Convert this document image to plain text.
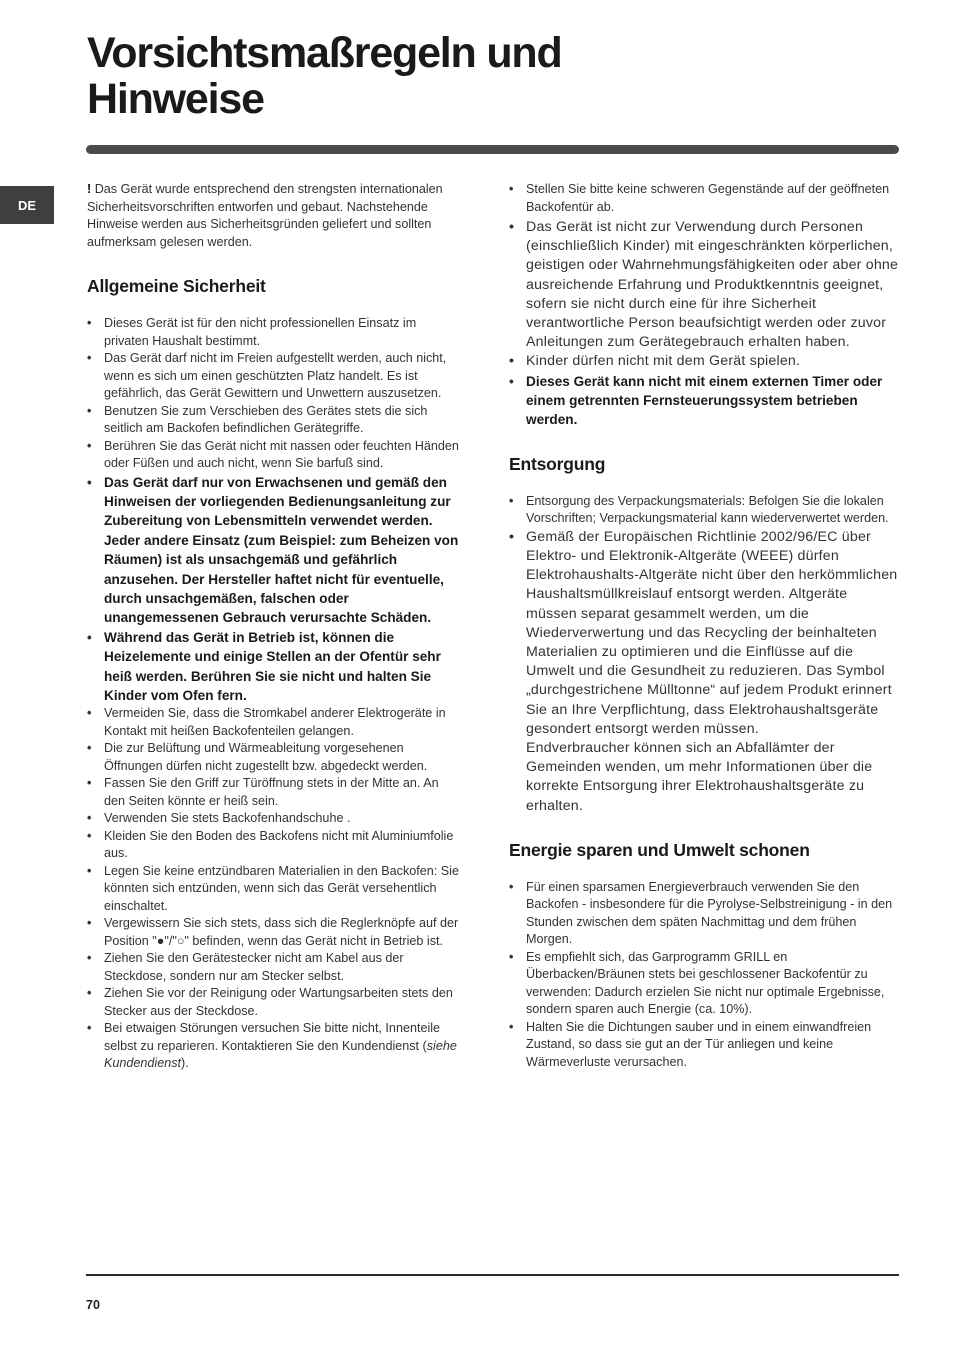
Vorsichtsmaßregeln und
Hinweise
DE

! Das Gerät wurde entsprechend den strengsten internationalen Sicherheitsvorschriften entworfen und gebaut. Nachstehende Hinweise werden aus Sicherheitsgründen geliefert und sollten aufmerksam gelesen werden.

Allgemeine Sicherheit
• Dieses Gerät ist für den nicht professionellen Einsatz im privaten Haushalt bestimmt.
• Das Gerät darf nicht im Freien aufgestellt werden, auch nicht, wenn es sich um einen geschützten Platz handelt. Es ist gefährlich, das Gerät Gewittern und Unwettern auszusetzen.
• Benutzen Sie zum Verschieben des Gerätes stets die sich seitlich am Backofen befindlichen Gerätegriffe.
• Berühren Sie das Gerät nicht mit nassen oder feuchten Händen oder Füßen und auch nicht, wenn Sie barfuß sind.
• Das Gerät darf nur von Erwachsenen und gemäß den Hinweisen der vorliegenden Bedienungsanleitung zur Zubereitung von Lebensmitteln verwendet werden. Jeder andere Einsatz (zum Beispiel: zum Beheizen von Räumen) ist als unsachgemäß und gefährlich anzusehen. Der Hersteller haftet nicht für eventuelle, durch unsachgemäßen, falschen oder unangemessenen Gebrauch verursachte Schäden.
• Während das Gerät in Betrieb ist, können die Heizelemente und einige Stellen an der Ofentür sehr heiß werden. Berühren Sie sie nicht und halten Sie Kinder vom Ofen fern.
• Vermeiden Sie, dass die Stromkabel anderer Elektrogeräte in Kontakt mit heißen Backofenteilen gelangen.
• Die zur Belüftung und Wärmeableitung vorgesehenen Öffnungen dürfen nicht zugestellt bzw. abgedeckt werden.
• Fassen Sie den Griff zur Türöffnung stets in der Mitte an. An den Seiten könnte er heiß sein.
• Verwenden Sie stets Backofenhandschuhe .
• Kleiden Sie den Boden des Backofens nicht mit Aluminiumfolie aus.
• Legen Sie keine entzündbaren Materialien in den Backofen: Sie könnten sich entzünden, wenn sich das Gerät versehentlich einschaltet.
• Vergewissern Sie sich stets, dass sich die Reglerknöpfe auf der Position "●"/"○" befinden, wenn das Gerät nicht in Betrieb ist.
• Ziehen Sie den Gerätestecker nicht am Kabel aus der Steckdose, sondern nur am Stecker selbst.
• Ziehen Sie vor der Reinigung oder Wartungsarbeiten stets den Stecker aus der Steckdose.
• Bei etwaigen Störungen versuchen Sie bitte nicht, Innenteile selbst zu reparieren. Kontaktieren Sie den Kundendienst (siehe Kundendienst).
• Stellen Sie bitte keine schweren Gegenstände auf der geöffneten Backofentür ab.
• Das Gerät ist nicht zur Verwendung durch Personen (einschließlich Kinder) mit eingeschränkten körperlichen, geistigen oder Wahrnehmungsfähigkeiten oder aber ohne ausreichende Erfahrung und Produktkenntnis geeignet, sofern sie nicht durch eine für ihre Sicherheit verantwortliche Person beaufsichtigt werden oder zuvor Anleitungen zum Gerätegebrauch erhalten haben.
• Kinder dürfen nicht mit dem Gerät spielen.
• Dieses Gerät kann nicht mit einem externen Timer oder einem getrennten Fernsteuerungssystem betrieben werden.
Entsorgung
• Entsorgung des Verpackungsmaterials: Befolgen Sie die lokalen Vorschriften; Verpackungsmaterial kann wiederverwertet werden.
• Gemäß der Europäischen Richtlinie 2002/96/EC über Elektro- und Elektronik-Altgeräte (WEEE) dürfen Elektrohaushalts-Altgeräte nicht über den herkömmlichen Haushaltsmüllkreislauf entsorgt werden. Altgeräte müssen separat gesammelt werden, um die Wiederverwertung und das Recycling der beinhalteten Materialien zu optimieren und die Einflüsse auf die Umwelt und die Gesundheit zu reduzieren. Das Symbol „durchgestrichene Mülltonne“ auf jedem Produkt erinnert Sie an Ihre Verpflichtung, dass Elektrohaushaltsgeräte gesondert entsorgt werden müssen.
Endverbraucher können sich an Abfallämter der Gemeinden wenden, um mehr Informationen über die korrekte Entsorgung ihrer Elektrohaushaltsgeräte zu erhalten.
Energie sparen und Umwelt schonen
• Für einen sparsamen Energieverbrauch verwenden Sie den Backofen - insbesondere für die Pyrolyse-Selbstreinigung - in den Stunden zwischen dem späten Nachmittag und dem frühen Morgen.
• Es empfiehlt sich, das Garprogramm GRILL en Überbacken/Bräunen stets bei geschlossener Backofentür zu verwenden: Dadurch erzielen Sie nicht nur optimale Ergebnisse, sondern sparen auch Energie (ca. 10%).
• Halten Sie die Dichtungen sauber und in einem einwandfreien Zustand, so dass sie gut an der Tür anliegen und keine Wärmeverluste verursachen.
70
